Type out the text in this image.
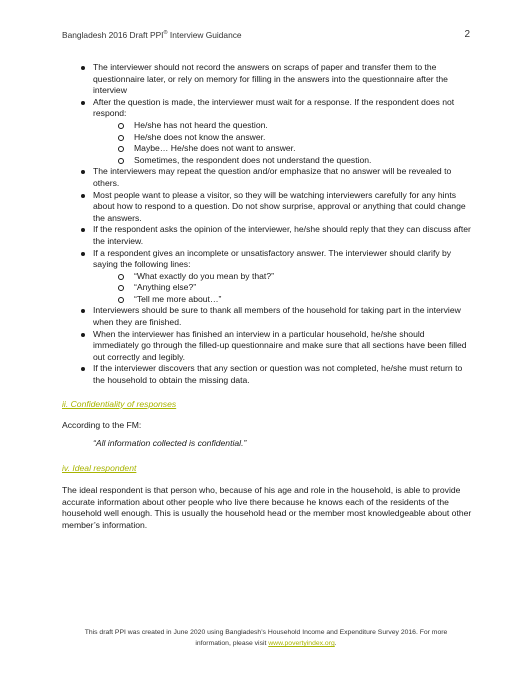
Bangladesh 2016 Draft PPI® Interview Guidance	2
The interviewer should not record the answers on scraps of paper and transfer them to the questionnaire later, or rely on memory for filling in the answers into the questionnaire after the interview
After the question is made, the interviewer must wait for a response. If the respondent does not respond:
He/she has not heard the question.
He/she does not know the answer.
Maybe… He/she does not want to answer.
Sometimes, the respondent does not understand the question.
The interviewers may repeat the question and/or emphasize that no answer will be revealed to others.
Most people want to please a visitor, so they will be watching interviewers carefully for any hints about how to respond to a question. Do not show surprise, approval or anything that could change the answers.
If the respondent asks the opinion of the interviewer, he/she should reply that they can discuss after the interview.
If a respondent gives an incomplete or unsatisfactory answer. The interviewer should clarify by saying the following lines:
“What exactly do you mean by that?”
“Anything else?”
“Tell me more about…”
Interviewers should be sure to thank all members of the household for taking part in the interview when they are finished.
When the interviewer has finished an interview in a particular household, he/she should immediately go through the filled-up questionnaire and make sure that all sections have been filled out correctly and legibly.
If the interviewer discovers that any section or question was not completed, he/she must return to the household to obtain the missing data.
ii. Confidentiality of responses
According to the FM:
“All information collected is confidential.”
iv. Ideal respondent
The ideal respondent is that person who, because of his age and role in the household, is able to provide accurate information about other people who live there because he knows each of the residents of the household well enough. This is usually the household head or the member most knowledgeable about other member’s information.
This draft PPI was created in June 2020 using Bangladesh’s Household Income and Expenditure Survey 2016. For more
information, please visit www.povertyindex.org.
